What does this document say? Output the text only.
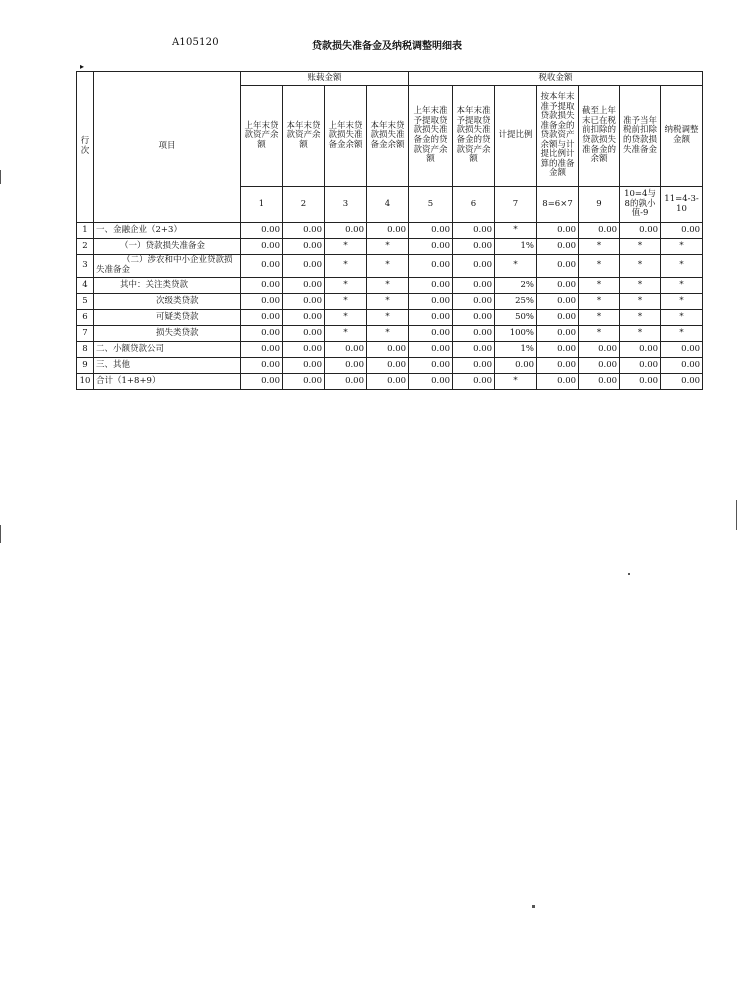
A105120	贷款损失准备金及纳税调整明细表
▸
行次	项目	账载金额				税收金额						
		上年末贷款资产余额	本年末贷款资产余额	上年末贷款损失准备金余额	本年末贷款损失准备金余额	上年末准予提取贷款损失准备金的贷款资产余额	本年末准予提取贷款损失准备金的贷款资产余额	计提比例	按本年末准予提取贷款损失准备金的贷款资产余额与计提比例计算的准备金额	截至上年末已在税前扣除的贷款损失准备金的余额	准予当年税前扣除的贷款损失准备金	纳税调整金额
		1	2	3	4	5	6	7	8=6×7	9	10=4与8的孰小值-9	11=4-3-10
1	一、金融企业（2+3）	0.00	0.00	0.00	0.00	0.00	0.00	*	0.00	0.00	0.00	0.00
2	（一）贷款损失准备金	0.00	0.00	*	*	0.00	0.00	1%	0.00	*	*	*
3	（二）涉农和中小企业贷款损失准备金	0.00	0.00	*	*	0.00	0.00	*	0.00	*	*	*
4	其中：关注类贷款	0.00	0.00	*	*	0.00	0.00	2%	0.00	*	*	*
5	次级类贷款	0.00	0.00	*	*	0.00	0.00	25%	0.00	*	*	*
6	可疑类贷款	0.00	0.00	*	*	0.00	0.00	50%	0.00	*	*	*
7	损失类贷款	0.00	0.00	*	*	0.00	0.00	100%	0.00	*	*	*
8	二、小额贷款公司	0.00	0.00	0.00	0.00	0.00	0.00	1%	0.00	0.00	0.00	0.00
9	三、其他	0.00	0.00	0.00	0.00	0.00	0.00	0.00	0.00	0.00	0.00	0.00
10	合计（1+8+9）	0.00	0.00	0.00	0.00	0.00	0.00	*	0.00	0.00	0.00	0.00
